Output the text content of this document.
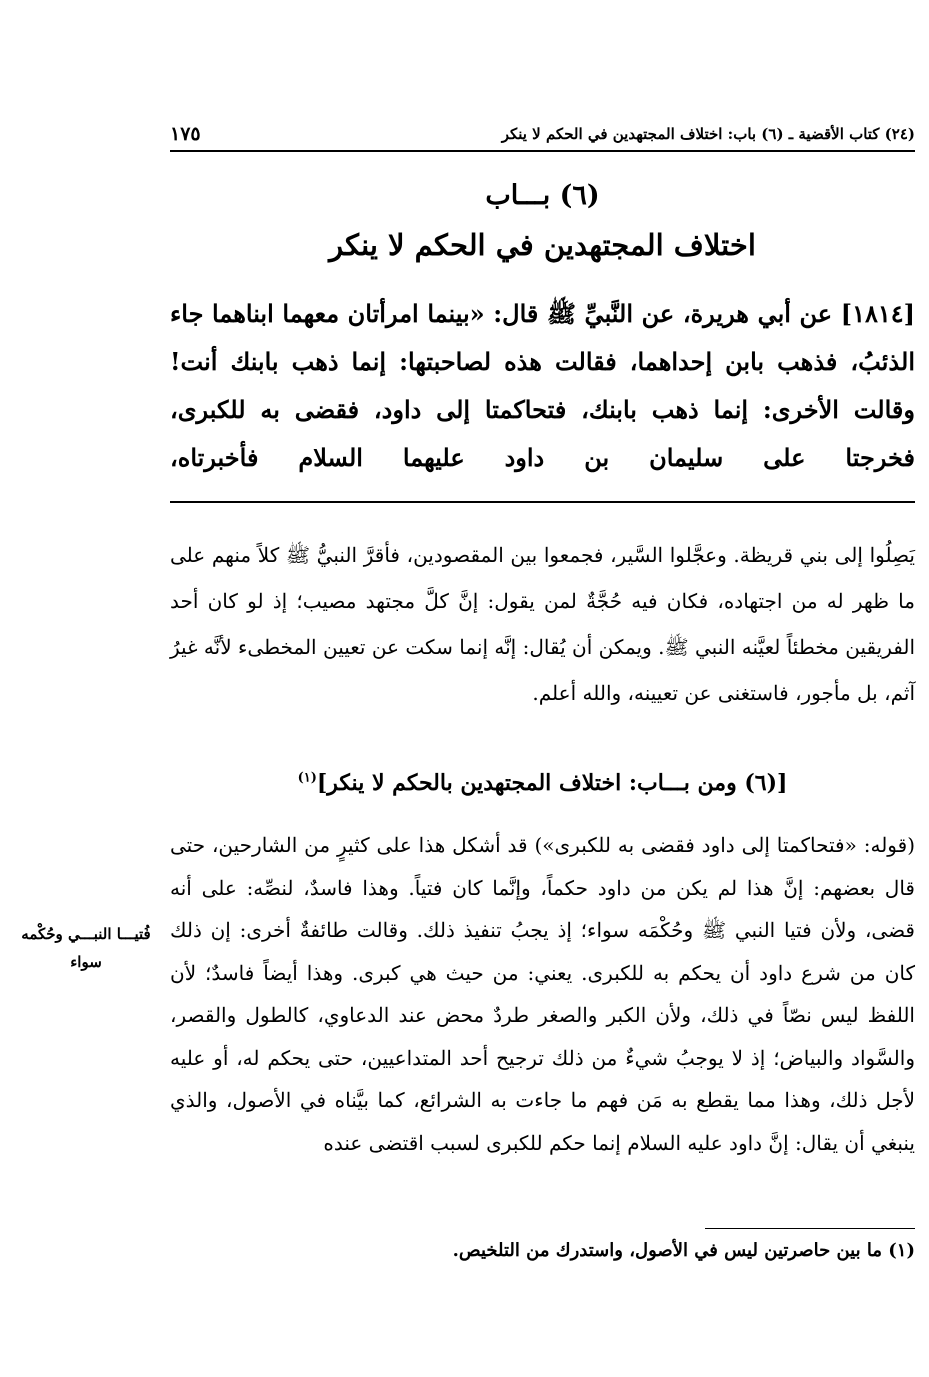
(٢٤) كتاب الأقضية ـ (٦) باب: اختلاف المجتهدين في الحكم لا ينكر
١٧٥
(٦) بـــاب
اختلاف المجتهدين في الحكم لا ينكر
[١٨١٤] عن أبي هريرة، عن النَّبيِّ ﷺ قال: «بينما امرأتان معهما ابناهما جاء الذئبُ، فذهب بابن إحداهما، فقالت هذه لصاحبتها: إنما ذهب بابنك أنت! وقالت الأخرى: إنما ذهب بابنك، فتحاكمتا إلى داود، فقضى به للكبرى، فخرجتا على سليمان بن داود عليهما السلام فأخبرتاه،
يَصِلُوا إلى بني قريظة. وعجَّلوا السَّير، فجمعوا بين المقصودين، فأقرَّ النبيُّ ﷺ كلاً منهم على ما ظهر له من اجتهاده، فكان فيه حُجَّةٌ لمن يقول: إنَّ كلَّ مجتهد مصيب؛ إذ لو كان أحد الفريقين مخطئاً لعيَّنه النبي ﷺ. ويمكن أن يُقال: إنَّه إنما سكت عن تعيين المخطىء لأنَّه غيرُ آثم، بل مأجور، فاستغنى عن تعيينه، والله أعلم.
[(٦) ومن بـــاب: اختلاف المجتهدين بالحكم لا ينكر]$^{(١)}$
(قوله: «فتحاكمتا إلى داود فقضى به للكبرى») قد أشكل هذا على كثيرٍ من الشارحين، حتى قال بعضهم: إنَّ هذا لم يكن من داود حكماً، وإنَّما كان فتياً. وهذا فاسدٌ، لنصِّه: على أنه قضى، ولأن فتيا النبي ﷺ وحُكْمَه سواء؛ إذ يجبُ تنفيذ ذلك. وقالت طائفةٌ أخرى: إن ذلك كان من شرع داود أن يحكم به للكبرى. يعني: من حيث هي كبرى. وهذا أيضاً فاسدٌ؛ لأن اللفظ ليس نصّاً في ذلك، ولأن الكبر والصغر طردٌ محض عند الدعاوي، كالطول والقصر، والسَّواد والبياض؛ إذ لا يوجبُ شيءٌ من ذلك ترجيح أحد المتداعيين، حتى يحكم له، أو عليه لأجل ذلك، وهذا مما يقطع به مَن فهم ما جاءت به الشرائع، كما بيَّناه في الأصول، والذي ينبغي أن يقال: إنَّ داود عليه السلام إنما حكم للكبرى لسبب اقتضى عنده
فُتيـــا النبـــي وحُكْمه سواء
(١) ما بين حاصرتين ليس في الأصول، واستدرك من التلخيص.
